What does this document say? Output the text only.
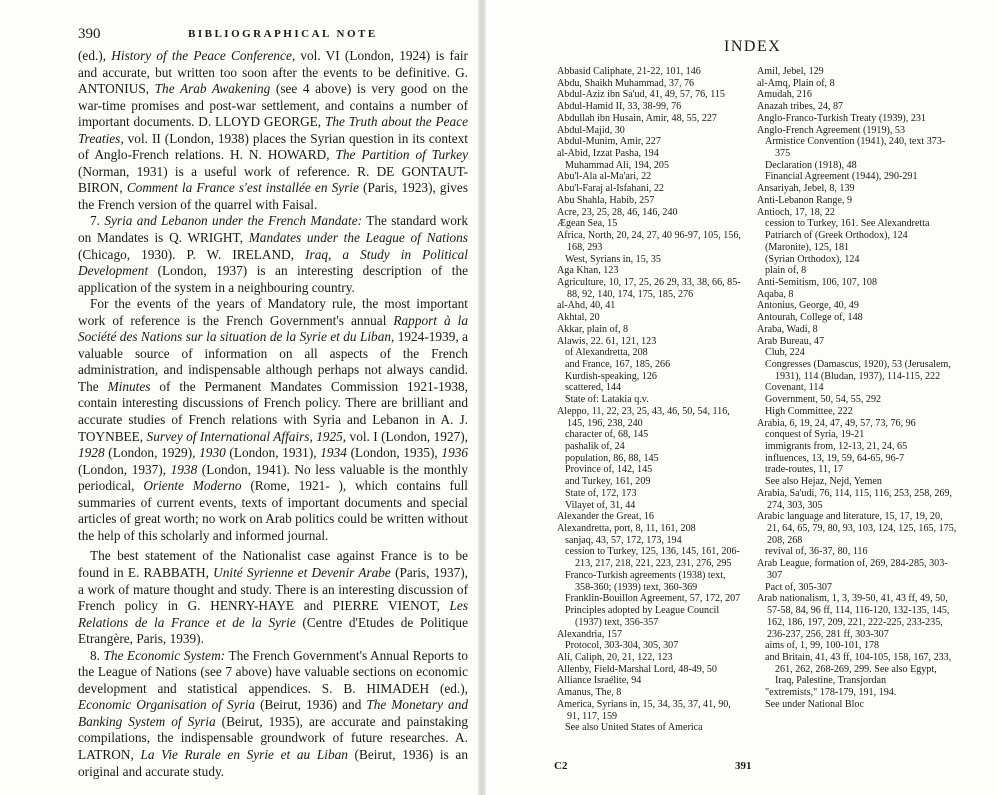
390	BIBLIOGRAPHICAL NOTE

(ed.), History of the Peace Conference, vol. VI (London, 1924) is fair and accurate, but written too soon after the events to be definitive. G. ANTONIUS, The Arab Awakening (see 4 above) is very good on the war-time promises and post-war settlement, and contains a number of important documents. D. LLOYD GEORGE, The Truth about the Peace Treaties, vol. II (London, 1938) places the Syrian question in its context of Anglo-French relations. H. N. HOWARD, The Partition of Turkey (Norman, 1931) is a useful work of reference. R. DE GONTAUT-BIRON, Comment la France s'est installée en Syrie (Paris, 1923), gives the French version of the quarrel with Faisal.

7. Syria and Lebanon under the French Mandate: The standard work on Mandates is Q. WRIGHT, Mandates under the League of Nations (Chicago, 1930). P. W. IRELAND, Iraq, a Study in Political Development (London, 1937) is an interesting description of the application of the system in a neighbouring country.

For the events of the years of Mandatory rule, the most important work of reference is the French Government's annual Rapport à la Société des Nations sur la situation de la Syrie et du Liban, 1924-1939, a valuable source of information on all aspects of the French administration, and indispensable although perhaps not always candid. The Minutes of the Permanent Mandates Commission 1921-1938, contain interesting discussions of French policy. There are brilliant and accurate studies of French relations with Syria and Lebanon in A. J. TOYNBEE, Survey of International Affairs, 1925, vol. I (London, 1927), 1928 (London, 1929), 1930 (London, 1931), 1934 (London, 1935), 1936 (London, 1937), 1938 (London, 1941). No less valuable is the monthly periodical, Oriente Moderno (Rome, 1921- ), which contains full summaries of current events, texts of important documents and special articles of great worth; no work on Arab politics could be written without the help of this scholarly and informed journal.

The best statement of the Nationalist case against France is to be found in E. RABBATH, Unité Syrienne et Devenir Arabe (Paris, 1937), a work of mature thought and study. There is an interesting discussion of French policy in G. HENRY-HAYE and PIERRE VIENOT, Les Relations de la France et de la Syrie (Centre d'Etudes de Politique Etrangère, Paris, 1939).

8. The Economic System: The French Government's Annual Reports to the League of Nations (see 7 above) have valuable sections on economic development and statistical appendices. S. B. HIMADEH (ed.), Economic Organisation of Syria (Beirut, 1936) and The Monetary and Banking System of Syria (Beirut, 1935), are accurate and painstaking compilations, the indispensable groundwork of future researches. A. LATRON, La Vie Rurale en Syrie et au Liban (Beirut, 1936) is an original and accurate study.

INDEX
Abbasid Caliphate, 21-22, 101, 146
Abdu, Shaikh Muhammad, 37, 76
Abdul-Aziz ibn Sa'ud, 41, 49, 57, 76, 115
Abdul-Hamid II, 33, 38-99, 76
Abdullah ibn Husain, Amir, 48, 55, 227
Abdul-Majid, 30
Abdul-Munim, Amir, 227
al-Abid, Izzat Pasha, 194
Muhammad Ali, 194, 205
Abu'l-Ala al-Ma'ari, 22
Abu'l-Faraj al-Isfahani, 22
Abu Shahla, Habib, 257
Acre, 23, 25, 28, 46, 146, 240
Ægean Sea, 15
Africa, North, 20, 24, 27, 40 96-97, 105, 156, 168, 293
West, Syrians in, 15, 35
Aga Khan, 123
Agriculture, 10, 17, 25, 26 29, 33, 38, 66, 85-88, 92, 140, 174, 175, 185, 276
al-Ahd, 40, 41
Akhtal, 20
Akkar, plain of, 8
Alawis, 22. 61, 121, 123
of Alexandretta, 208
and France, 167, 185, 266
Kurdish-speaking, 126
scattered, 144
State of: Latakia q.v.
Aleppo, 11, 22, 23, 25, 43, 46, 50, 54, 116, 145, 196, 238, 240
character of, 68, 145
pashalik of, 24
population, 86, 88, 145
Province of, 142, 145
and Turkey, 161, 209
State of, 172, 173
Vilayet of, 31, 44
Alexander the Great, 16
Alexandretta, port, 8, 11, 161, 208
sanjaq, 43, 57, 172, 173, 194
cession to Turkey, 125, 136, 145, 161, 206-213, 217, 218, 221, 223, 231, 276, 295
Franco-Turkish agreements (1938) text, 358-360; (1939) text, 360-369
Franklin-Bouillon Agreement, 57, 172, 207
Principles adopted by League Council (1937) text, 356-357
Alexandria, 157
Protocol, 303-304, 305, 307
Ali, Caliph, 20, 21, 122, 123
Allenby, Field-Marshal Lord, 48-49, 50
Alliance Israélite, 94
Amanus, The, 8
America, Syrians in, 15, 34, 35, 37, 41, 90, 91, 117, 159
See also United States of America
Amil, Jebel, 129
al-Amq, Plain of, 8
Amudah, 216
Anazah tribes, 24, 87
Anglo-Franco-Turkish Treaty (1939), 231
Anglo-French Agreement (1919), 53
Armistice Convention (1941), 240, text 373-375
Declaration (1918), 48
Financial Agreement (1944), 290-291
Ansariyah, Jebel, 8, 139
Anti-Lebanon Range, 9
Antioch, 17, 18, 22
cession to Turkey, 161. See Alexandretta
Patriarch of (Greek Orthodox), 124
(Maronite), 125, 181
(Syrian Orthodox), 124
plain of, 8
Anti-Semitism, 106, 107, 108
Aqaba, 8
Antonius, George, 40, 49
Antourah, College of, 148
Araba, Wadi, 8
Arab Bureau, 47
Club, 224
Congresses (Damascus, 1920), 53 (Jerusalem, 1931), 114 (Bludan, 1937), 114-115, 222
Covenant, 114
Government, 50, 54, 55, 292
High Committee, 222
Arabia, 6, 19, 24, 47, 49, 57, 73, 76, 96
conquest of Syria, 19-21
immigrants from, 12-13, 21, 24, 65
influences, 13, 19, 59, 64-65, 96-7
trade-routes, 11, 17
See also Hejaz, Nejd, Yemen
Arabia, Sa'udi, 76, 114, 115, 116, 253, 258, 269, 274, 303, 305
Arabic language and literature, 15, 17, 19, 20, 21, 64, 65, 79, 80, 93, 103, 124, 125, 165, 175, 208, 268
revival of, 36-37, 80, 116
Arab League, formation of, 269, 284-285, 303-307
Pact of, 305-307
Arab nationalism, 1, 3, 39-50, 41, 43 ff, 49, 50, 57-58, 84, 96 ff, 114, 116-120, 132-135, 145, 162, 186, 197, 209, 221, 222-225, 233-235, 236-237, 256, 281 ff, 303-307
aims of, 1, 99, 100-101, 178
and Britain, 41, 43 ff, 104-105, 158, 167, 233, 261, 262, 268-269, 299. See also Egypt, Iraq, Palestine, Transjordan
"extremists," 178-179, 191, 194.
See under National Bloc
C2	391
